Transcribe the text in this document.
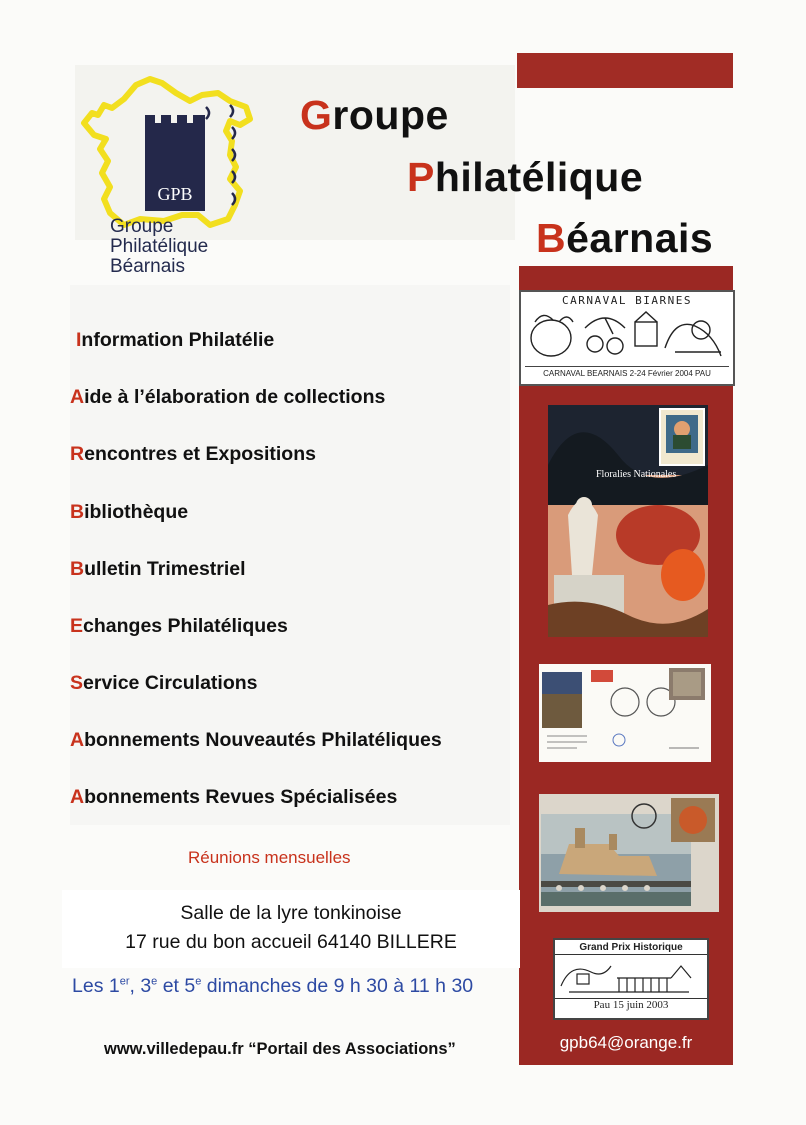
GPB
Groupe
Philatélique
Béarnais
Groupe
Philatélique
Béarnais
Information Philatélie
Aide à l’élaboration de collections
Rencontres et Expositions
Bibliothèque
Bulletin Trimestriel
Echanges Philatéliques
Service Circulations
Abonnements Nouveautés Philatéliques
Abonnements Revues Spécialisées
CARNAVAL BIARNES
CARNAVAL BEARNAIS 2-24 Février 2004 PAU
Floralies Nationales
Grand Prix Historique
Pau 15 juin 2003
Réunions mensuelles
Salle de la lyre tonkinoise
17 rue du bon accueil 64140 BILLERE
Les 1er, 3e et 5e dimanches de 9 h 30 à 11 h 30
www.villedepau.fr “Portail des Associations”	gpb64@orange.fr
